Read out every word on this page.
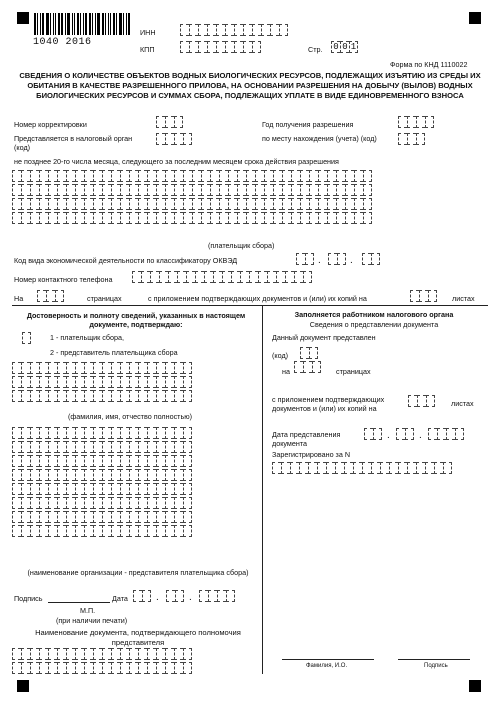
1040 2016
ИНН
КПП	Стр. 0 0 1
Форма по КНД 1110022
СВЕДЕНИЯ О КОЛИЧЕСТВЕ ОБЪЕКТОВ ВОДНЫХ БИОЛОГИЧЕСКИХ РЕСУРСОВ, ПОДЛЕЖАЩИХ ИЗЪЯТИЮ ИЗ СРЕДЫ ИХ ОБИТАНИЯ В КАЧЕСТВЕ РАЗРЕШЕННОГО ПРИЛОВА, НА ОСНОВАНИИ РАЗРЕШЕНИЯ НА ДОБЫЧУ (ВЫЛОВ) ВОДНЫХ БИОЛОГИЧЕСКИХ РЕСУРСОВ И СУММАХ СБОРА, ПОДЛЕЖАЩИХ УПЛАТЕ В ВИДЕ ЕДИНОВРЕМЕННОГО ВЗНОСА
Номер корректировки	Год получения разрешения
Представляется в налоговый орган (код)
по месту нахождения (учета) (код)
не позднее 20-го числа месяца, следующего за последним месяцем срока действия разрешения
(плательщик сбора)
Код вида экономической деятельности по классификатору ОКВЭД	.	.
Номер контактного телефона
На	страницах	с приложением подтверждающих документов и (или) их копий на	листах
Достоверность и полноту сведений, указанных в настоящем документе, подтверждаю:
1 - плательщик сбора,
2 - представитель плательщика сбора
(фамилия, имя, отчество полностью)
(наименование организации - представителя плательщика сбора)
Подпись	Дата	.	.
М.П.
(при наличии печати)
Наименование документа, подтверждающего полномочия представителя
Заполняется работником налогового органа
Сведения о представлении документа
Данный документ представлен
(код)
на	страницах
с приложением подтверждающих документов и (или) их копий на
листах
Дата представления документа
.	.
Зарегистрировано за N
Фамилия, И.О.	Подпись
